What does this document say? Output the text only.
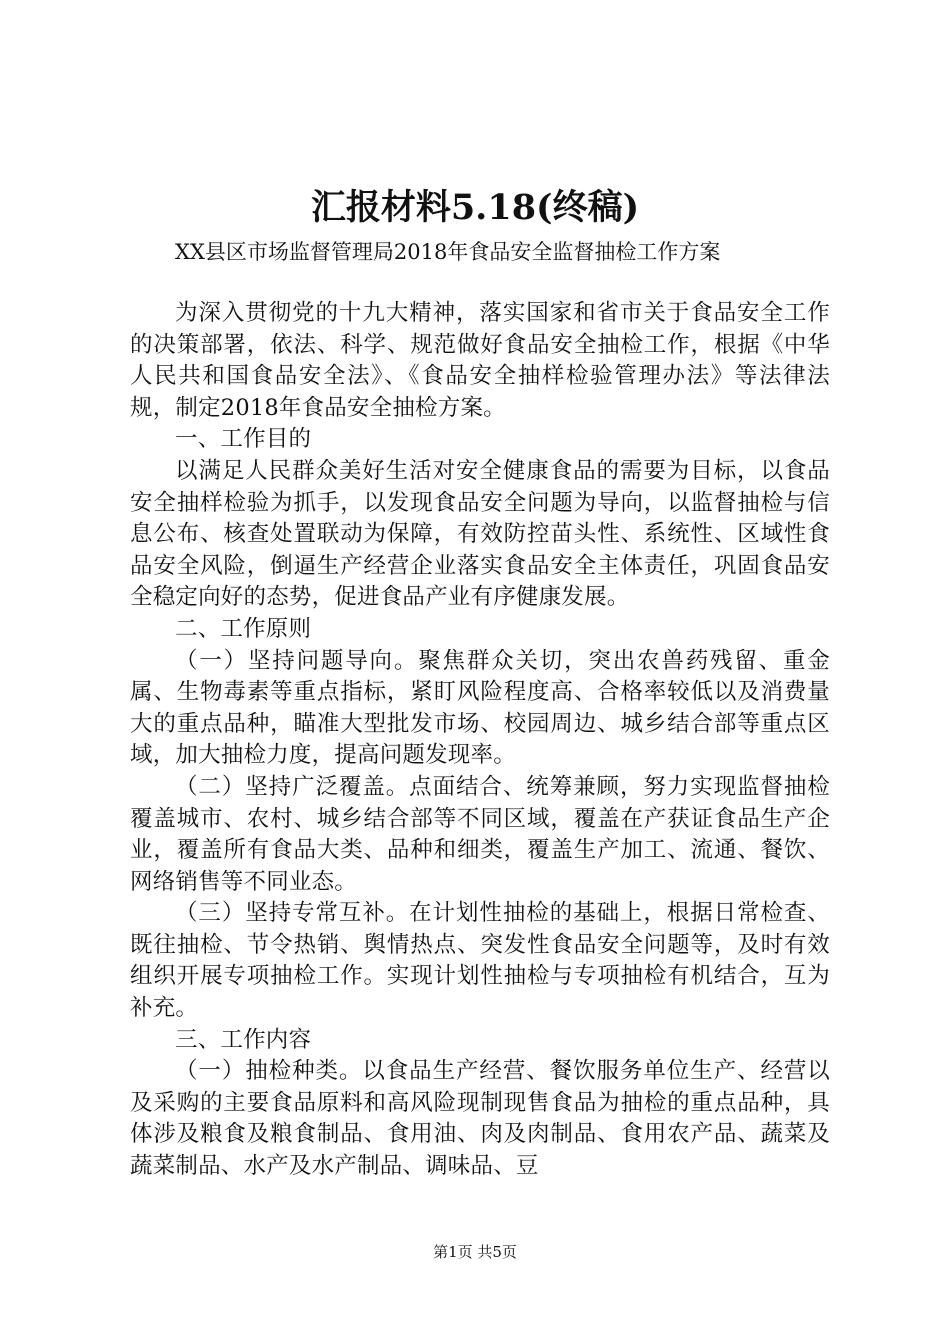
汇报材料5.18(终稿)
XX县区市场监督管理局2018年食品安全监督抽检工作方案

为深入贯彻党的十九大精神，落实国家和省市关于食品安全工作的决策部署，依法、科学、规范做好食品安全抽检工作，根据《中华人民共和国食品安全法》、《食品安全抽样检验管理办法》等法律法规，制定2018年食品安全抽检方案。

一、工作目的

以满足人民群众美好生活对安全健康食品的需要为目标，以食品安全抽样检验为抓手，以发现食品安全问题为导向，以监督抽检与信息公布、核查处置联动为保障，有效防控苗头性、系统性、区域性食品安全风险，倒逼生产经营企业落实食品安全主体责任，巩固食品安全稳定向好的态势，促进食品产业有序健康发展。

二、工作原则

（一）坚持问题导向。聚焦群众关切，突出农兽药残留、重金属、生物毒素等重点指标，紧盯风险程度高、合格率较低以及消费量大的重点品种，瞄准大型批发市场、校园周边、城乡结合部等重点区域，加大抽检力度，提高问题发现率。

（二）坚持广泛覆盖。点面结合、统筹兼顾，努力实现监督抽检覆盖城市、农村、城乡结合部等不同区域，覆盖在产获证食品生产企业，覆盖所有食品大类、品种和细类，覆盖生产加工、流通、餐饮、网络销售等不同业态。

（三）坚持专常互补。在计划性抽检的基础上，根据日常检查、既往抽检、节令热销、舆情热点、突发性食品安全问题等，及时有效组织开展专项抽检工作。实现计划性抽检与专项抽检有机结合，互为补充。

三、工作内容

（一）抽检种类。以食品生产经营、餐饮服务单位生产、经营以及采购的主要食品原料和高风险现制现售食品为抽检的重点品种，具体涉及粮食及粮食制品、食用油、肉及肉制品、食用农产品、蔬菜及蔬菜制品、水产及水产制品、调味品、豆

第1页 共5页
